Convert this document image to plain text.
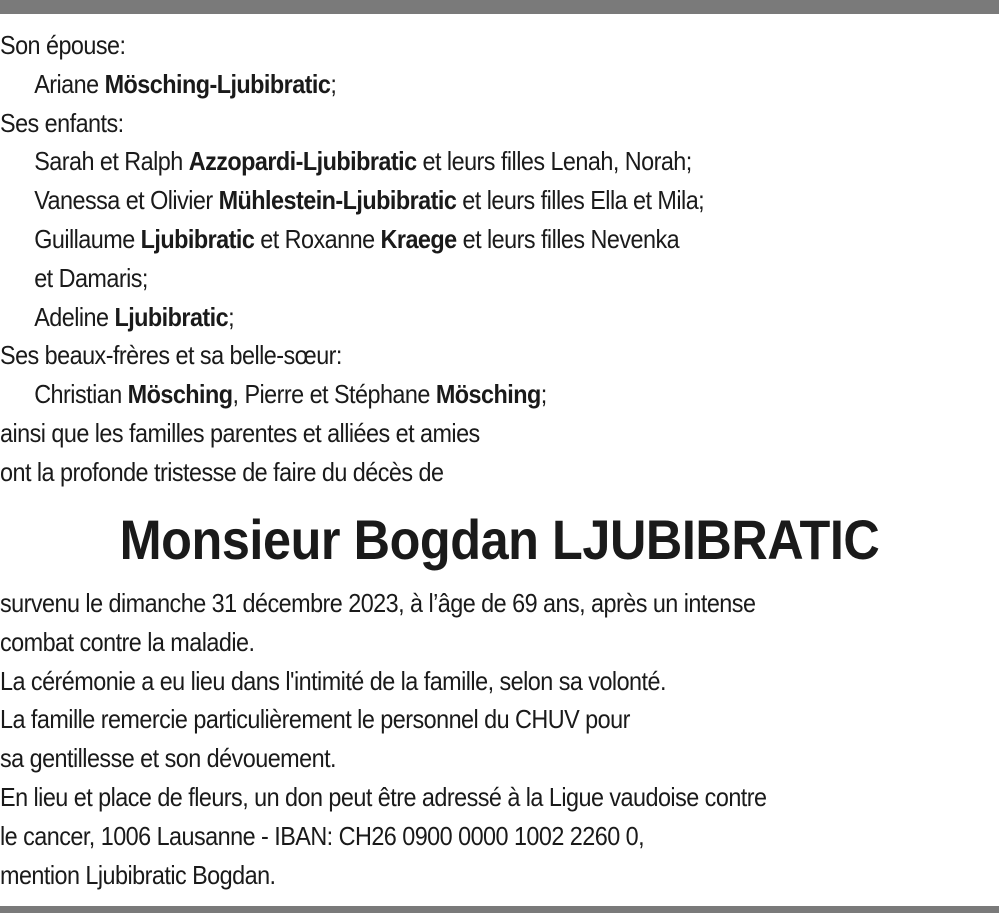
Son épouse:
Ariane Mösching-Ljubibratic;
Ses enfants:
Sarah et Ralph Azzopardi-Ljubibratic et leurs filles Lenah, Norah;
Vanessa et Olivier Mühlestein-Ljubibratic et leurs filles Ella et Mila;
Guillaume Ljubibratic et Roxanne Kraege et leurs filles Nevenka
et Damaris;
Adeline Ljubibratic;
Ses beaux-frères et sa belle-sœur:
Christian Mösching, Pierre et Stéphane Mösching;
ainsi que les familles parentes et alliées et amies
ont la profonde tristesse de faire du décès de
Monsieur Bogdan LJUBIBRATIC
survenu le dimanche 31 décembre 2023, à l’âge de 69 ans, après un intense
combat contre la maladie.
La cérémonie a eu lieu dans l'intimité de la famille, selon sa volonté.
La famille remercie particulièrement le personnel du CHUV pour
sa gentillesse et son dévouement.
En lieu et place de fleurs, un don peut être adressé à la Ligue vaudoise contre
le cancer, 1006 Lausanne - IBAN: CH26 0900 0000 1002 2260 0,
mention Ljubibratic Bogdan.
